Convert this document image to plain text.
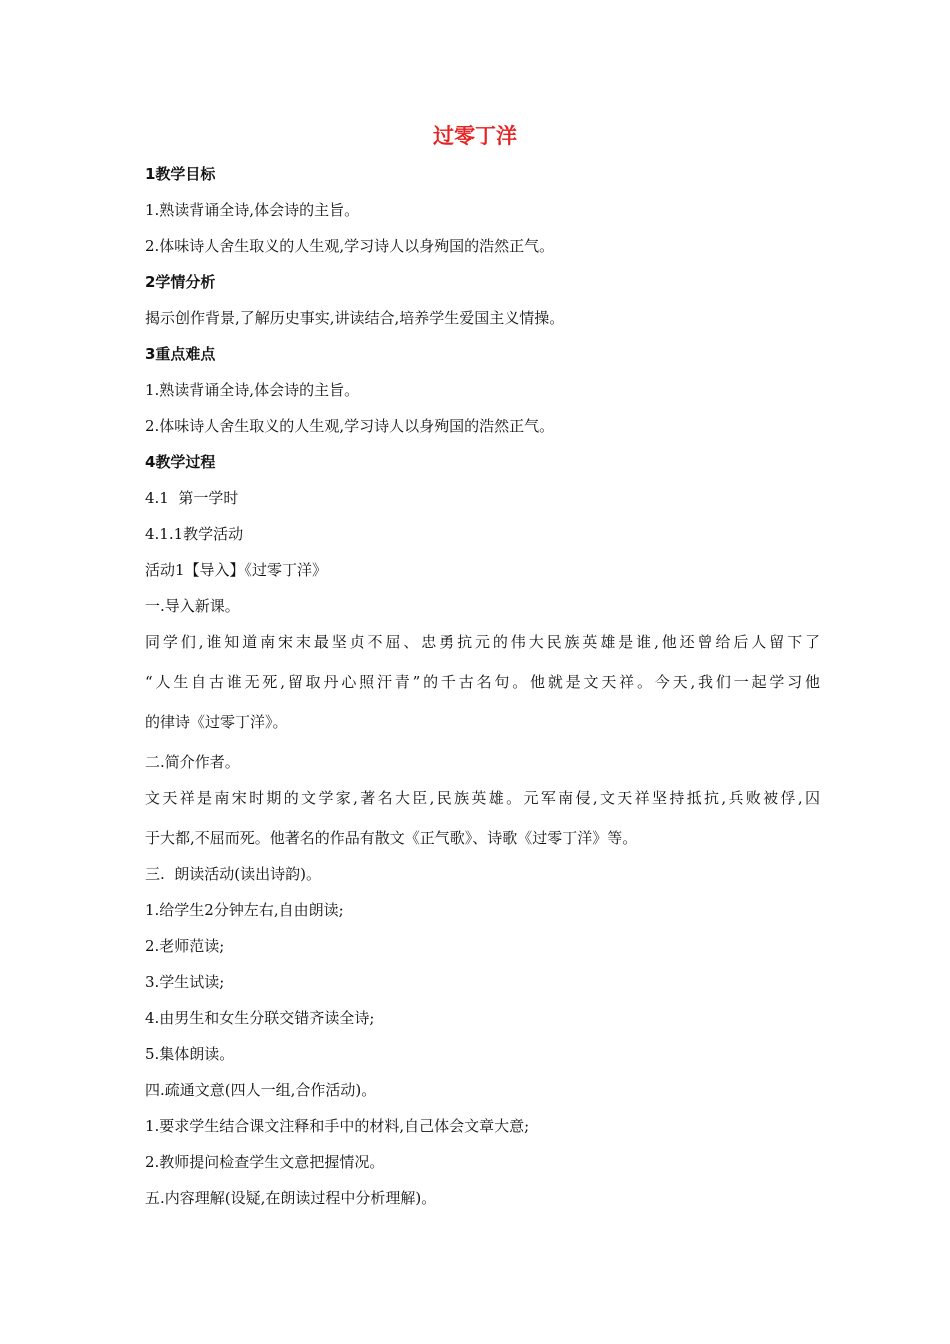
过零丁洋
1教学目标
1.熟读背诵全诗,体会诗的主旨。
2.体味诗人舍生取义的人生观,学习诗人以身殉国的浩然正气。
2学情分析
揭示创作背景,了解历史事实,讲读结合,培养学生爱国主义情操。
3重点难点
1.熟读背诵全诗,体会诗的主旨。
2.体味诗人舍生取义的人生观,学习诗人以身殉国的浩然正气。
4教学过程
4.1  第一学时
4.1.1教学活动
活动1【导入】《过零丁洋》
一.导入新课。
同学们,谁知道南宋末最坚贞不屈、忠勇抗元的伟大民族英雄是谁,他还曾给后人留下了
“人生自古谁无死,留取丹心照汗青”的千古名句。他就是文天祥。今天,我们一起学习他
的律诗《过零丁洋》。
二.简介作者。
文天祥是南宋时期的文学家,著名大臣,民族英雄。元军南侵,文天祥坚持抵抗,兵败被俘,囚
于大都,不屈而死。他著名的作品有散文《正气歌》、诗歌《过零丁洋》等。
三.  朗读活动(读出诗韵)。
1.给学生2分钟左右,自由朗读;
2.老师范读;
3.学生试读;
4.由男生和女生分联交错齐读全诗;
5.集体朗读。
四.疏通文意(四人一组,合作活动)。
1.要求学生结合课文注释和手中的材料,自己体会文章大意;
2.教师提问检查学生文意把握情况。
五.内容理解(设疑,在朗读过程中分析理解)。
